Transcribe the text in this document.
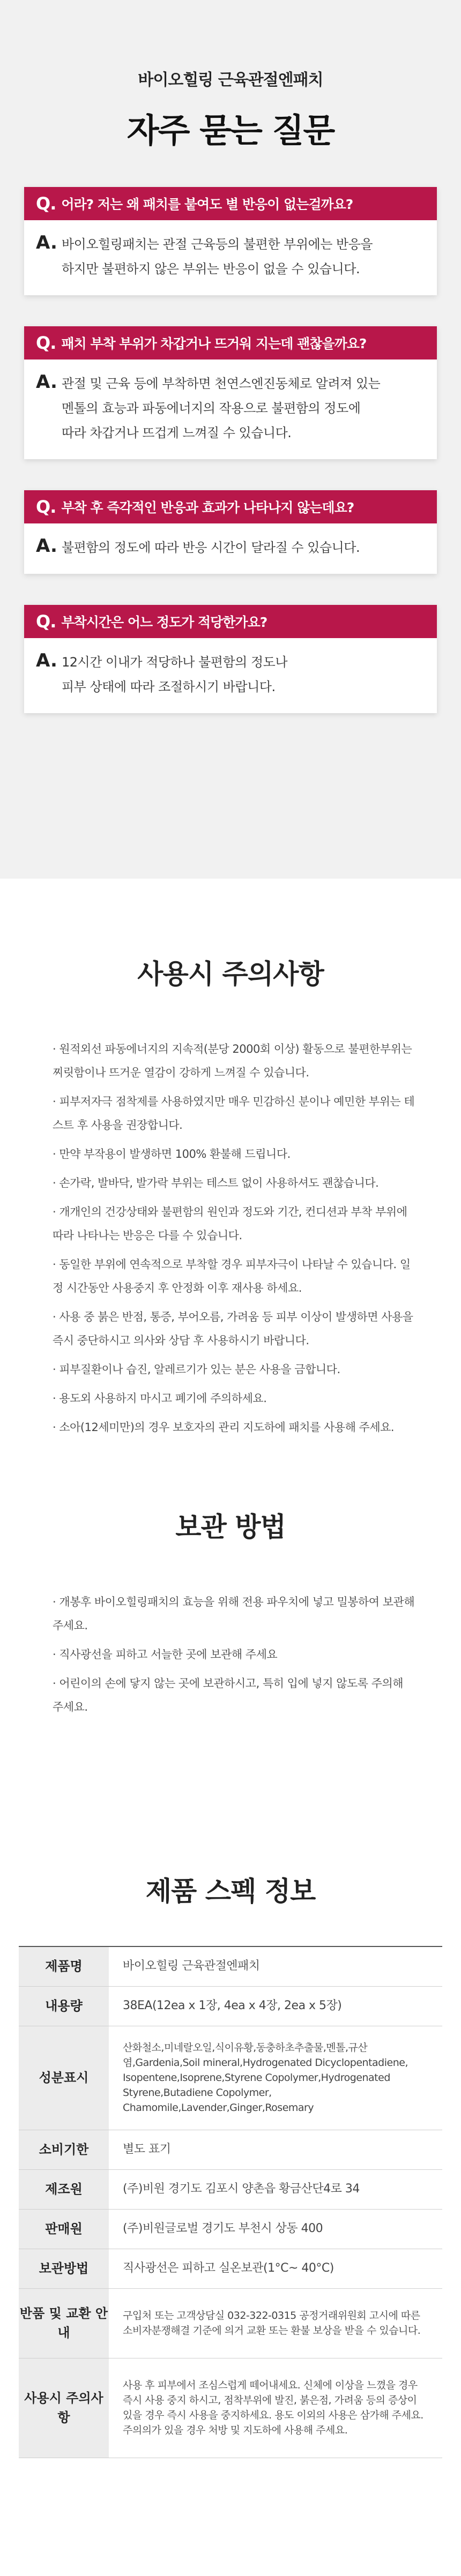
바이오힐링 근육관절엔패치
자주 묻는 질문
Q. 어라? 저는 왜 패치를 붙여도 별 반응이 없는걸까요?
A. 바이오힐링패치는 관절 근육등의 불편한 부위에는 반응을
하지만 불편하지 않은 부위는 반응이 없을 수 있습니다.
Q. 패치 부착 부위가 차갑거나 뜨거워 지는데 괜찮을까요?
A. 관절 및 근육 등에 부착하면 천연스엔진동체로 알려져 있는
멘톨의 효능과 파동에너지의 작용으로 불편함의 정도에
따라 차갑거나 뜨겁게 느껴질 수 있습니다.
Q. 부착 후 즉각적인 반응과 효과가 나타나지 않는데요?
A. 불편함의 정도에 따라 반응 시간이 달라질 수 있습니다.
Q. 부착시간은 어느 정도가 적당한가요?
A. 12시간 이내가 적당하나 불편함의 정도나
피부 상태에 따라 조절하시기 바랍니다.
사용시 주의사항
· 원적외선 파동에너지의 지속적(분당 2000회 이상) 활동으로 불편한부위는 찌릿함이나 뜨거운 열감이 강하게 느껴질 수 있습니다.
· 피부저자극 점착제를 사용하였지만 매우 민감하신 분이나 예민한 부위는 테스트 후 사용을 권장합니다.
· 만약 부작용이 발생하면 100% 환불해 드립니다.
· 손가락, 발바닥, 발가락 부위는 테스트 없이 사용하셔도 괜찮습니다.
· 개개인의 건강상태와 불편함의 원인과 정도와 기간, 컨디션과 부착 부위에 따라 나타나는 반응은 다를 수 있습니다.
· 동일한 부위에 연속적으로 부착할 경우 피부자극이 나타날 수 있습니다. 일정 시간동안 사용중지 후 안정화 이후 재사용 하세요.
· 사용 중 붉은 반점, 통증, 부어오름, 가려움 등 피부 이상이 발생하면 사용을 즉시 중단하시고 의사와 상담 후 사용하시기 바랍니다.
· 피부질환이나 습진, 알레르기가 있는 분은 사용을 금합니다.
· 용도외 사용하지 마시고 폐기에 주의하세요.
· 소아(12세미만)의 경우 보호자의 관리 지도하에 패치를 사용해 주세요.
보관 방법
· 개봉후 바이오힐링패치의 효능을 위해 전용 파우치에 넣고 밀봉하여 보관해 주세요.
· 직사광선을 피하고 서늘한 곳에 보관해 주세요
· 어린이의 손에 닿지 않는 곳에 보관하시고, 특히 입에 넣지 않도록 주의해 주세요.
제품 스펙 정보
제품명	바이오힐링 근육관절엔패치
내용량	38EA(12ea x 1장, 4ea x 4장, 2ea x 5장)
성분표시	산화철소,미네랄오일,식이유황,동충하초추출물,멘톨,규산염,Gardenia,Soil mineral,Hydrogenated Dicyclopentadiene, Isopentene,Isoprene,Styrene Copolymer,Hydrogenated Styrene,Butadiene Copolymer, Chamomile,Lavender,Ginger,Rosemary
소비기한	별도 표기
제조원	(주)비원 경기도 김포시 양촌읍 황금산단4로 34
판매원	(주)비원글로벌 경기도 부천시 상동 400
보관방법	직사광선은 피하고 실온보관(1°C~ 40°C)
반품 및 교환 안내	구입처 또는 고객상담실 032-322-0315 공정거래위원회 고시에 따른 소비자분쟁해결 기준에 의거 교환 또는 환불 보상을 받을 수 있습니다.
사용시 주의사항	사용 후 피부에서 조심스럽게 떼어내세요. 신체에 이상을 느꼈을 경우 즉시 사용 중지 하시고, 점착부위에 발진, 붉은점, 가려움 등의 증상이 있을 경우 즉시 사용을 중지하세요. 용도 이외의 사용은 삼가해 주세요. 주의의가 있을 경우 처방 및 지도하에 사용해 주세요.
